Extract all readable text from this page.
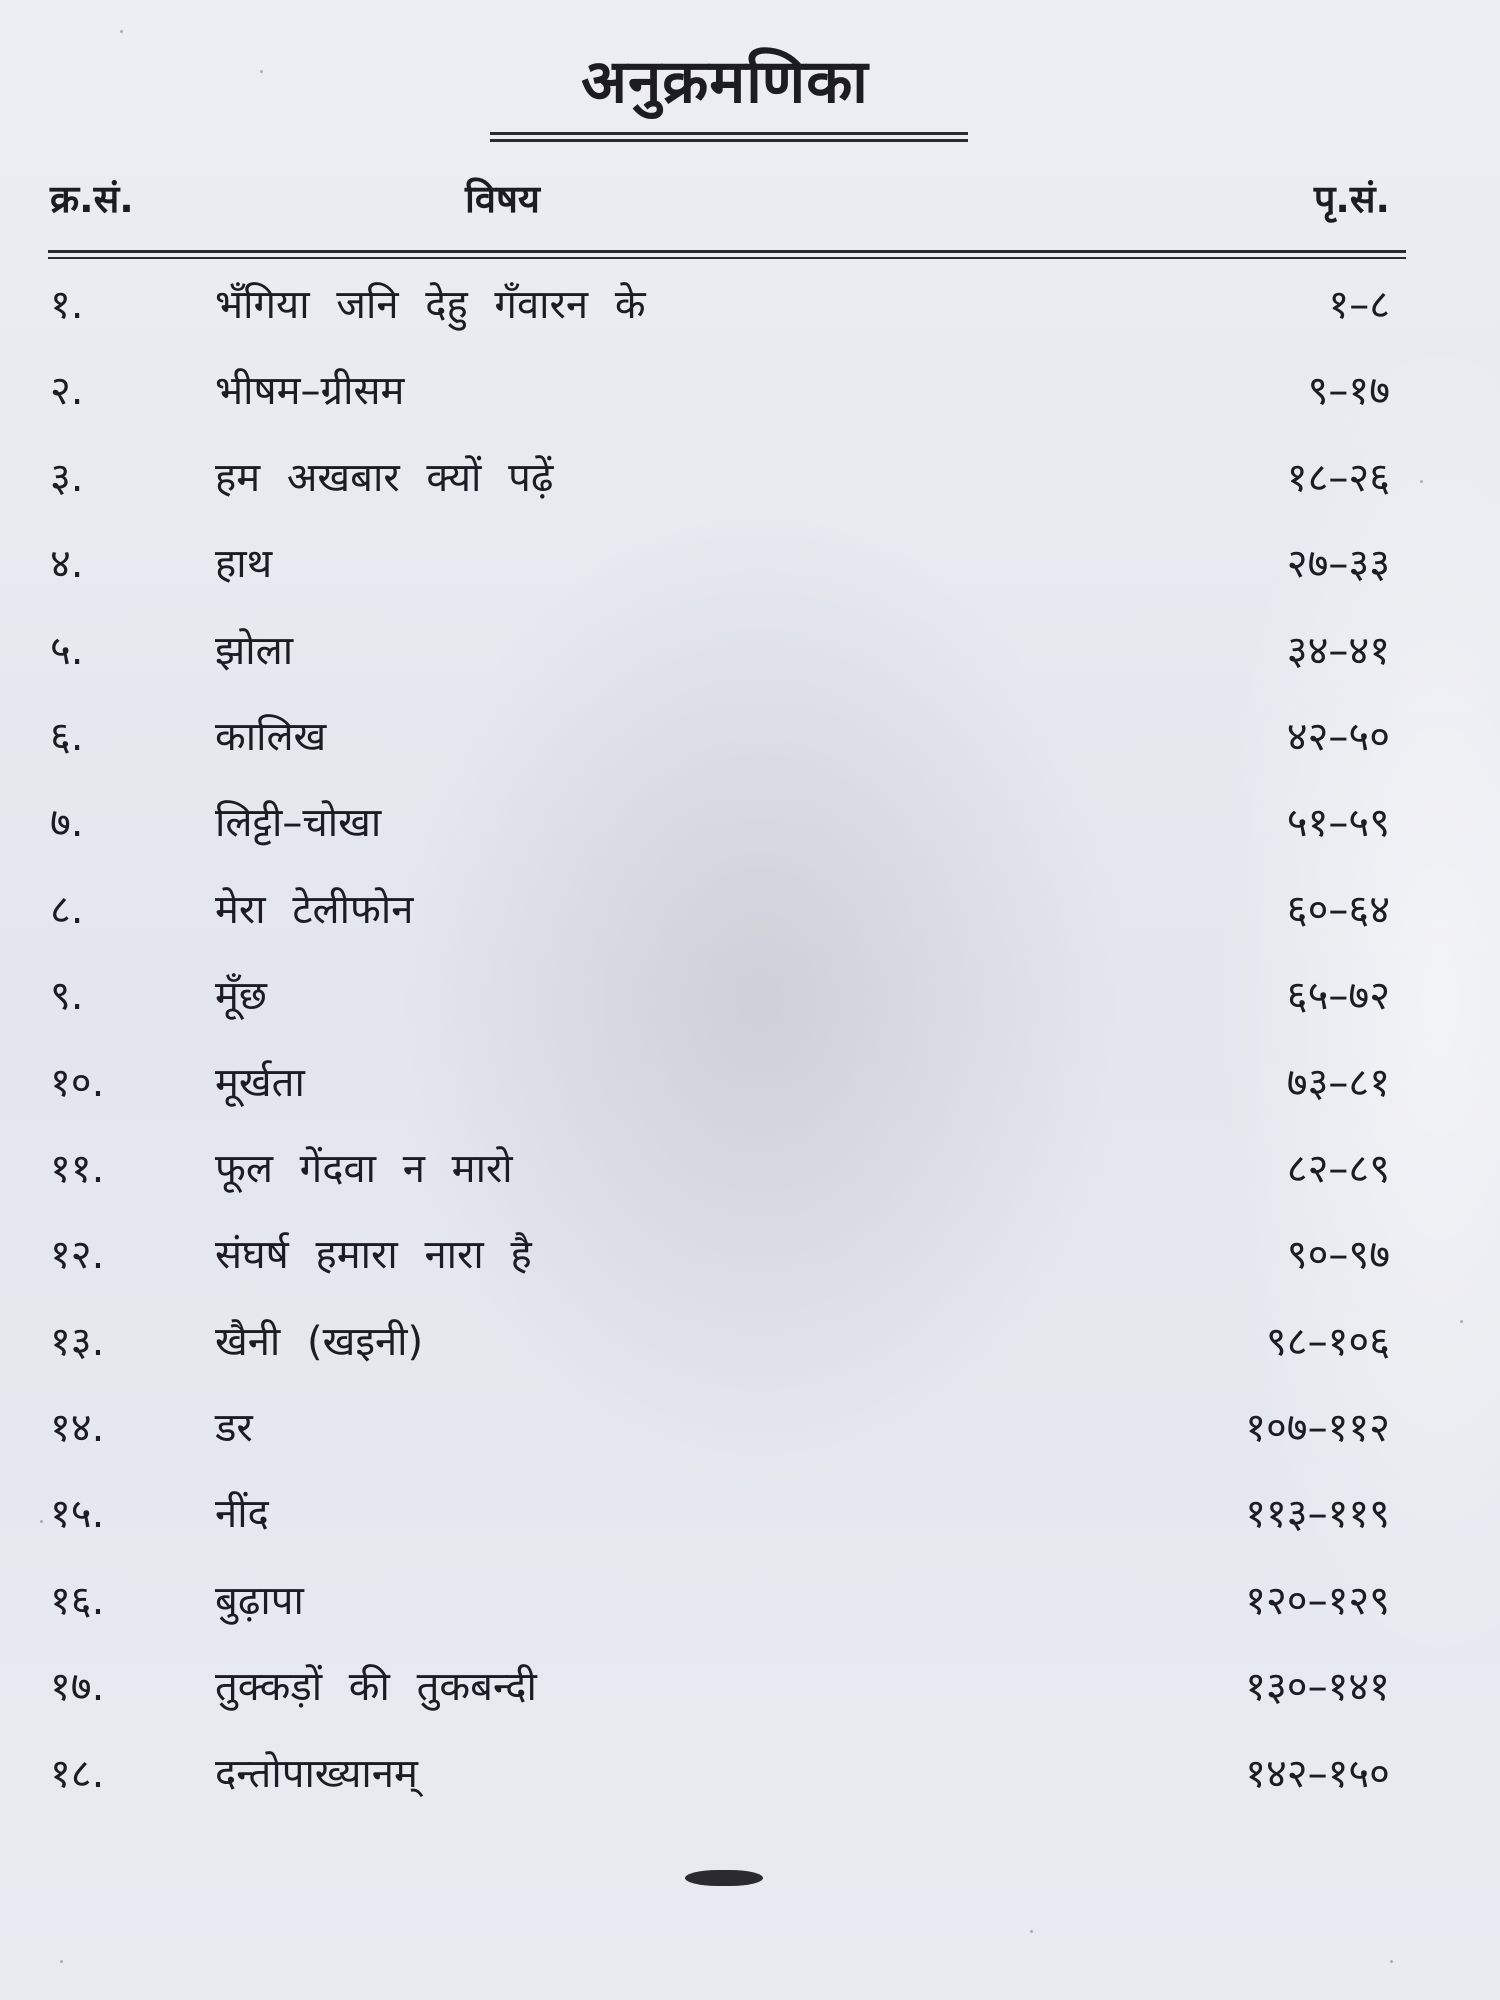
अनुक्रमणिका
क्र.सं.	विषय	पृ.सं.
१.	भँगिया जनि देहु गँवारन के	१–८
२.	भीषम–ग्रीसम	९–१७
३.	हम अखबार क्यों पढ़ें	१८–२६
४.	हाथ	२७–३३
५.	झोला	३४–४१
६.	कालिख	४२–५०
७.	लिट्टी–चोखा	५१–५९
८.	मेरा टेलीफोन	६०–६४
९.	मूँछ	६५–७२
१०.	मूर्खता	७३–८१
११.	फूल गेंदवा न मारो	८२–८९
१२.	संघर्ष हमारा नारा है	९०–९७
१३.	खैनी (खइनी)	९८–१०६
१४.	डर	१०७–११२
१५.	नींद	११३–११९
१६.	बुढ़ापा	१२०–१२९
१७.	तुक्कड़ों की तुकबन्दी	१३०–१४१
१८.	दन्तोपाख्यानम्	१४२–१५०
